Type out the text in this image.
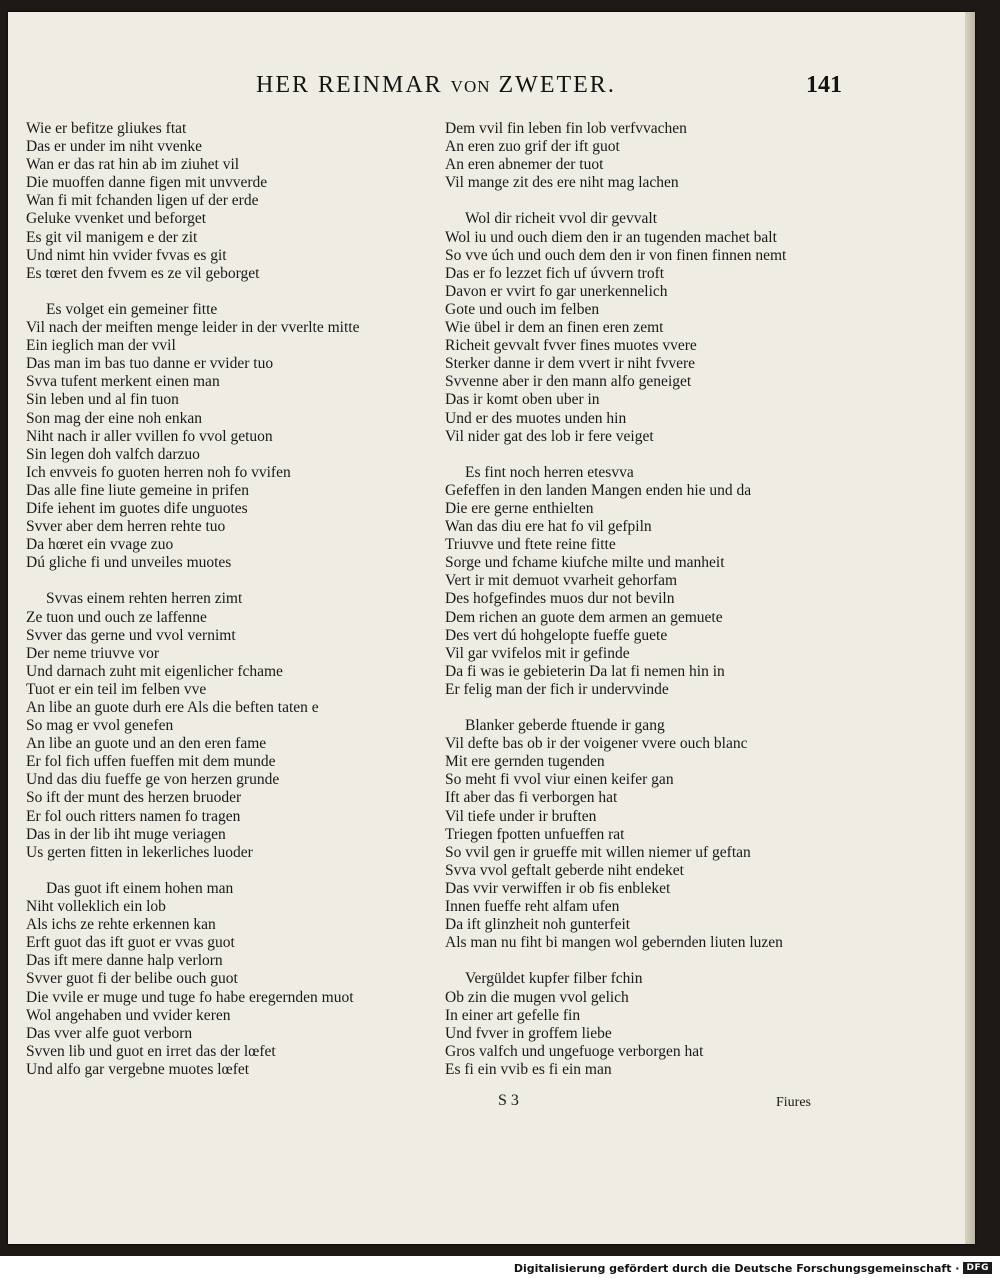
HER REINMAR VON ZWETER.	141
Wie er befitze gliukes ftat
Das er under im niht vvenke
Wan er das rat hin ab im ziuhet vil
Die muoffen danne figen mit unvverde
Wan fi mit fchanden ligen uf der erde
Geluke vvenket und beforget
Es git vil manigem e der zit
Und nimt hin vvider fvvas es git
Es tœret den fvvem es ze vil geborget
Es volget ein gemeiner fitte
Vil nach der meiften menge leider in der vverlte mitte
Ein ieglich man der vvil
Das man im bas tuo danne er vvider tuo
Svva tufent merkent einen man
Sin leben und al fin tuon
Son mag der eine noh enkan
Niht nach ir aller vvillen fo vvol getuon
Sin legen doh valfch darzuo
Ich envveis fo guoten herren noh fo vvifen
Das alle fine liute gemeine in prifen
Dife iehent im guotes dife unguotes
Svver aber dem herren rehte tuo
Da hœret ein vvage zuo
Dú gliche fi und unveiles muotes
Svvas einem rehten herren zimt
Ze tuon und ouch ze laffenne
Svver das gerne und vvol vernimt
Der neme triuvve vor
Und darnach zuht mit eigenlicher fchame
Tuot er ein teil im felben vve
An libe an guote durh ere Als die beften taten e
So mag er vvol genefen
An libe an guote und an den eren fame
Er fol fich uffen fueffen mit dem munde
Und das diu fueffe ge von herzen grunde
So ift der munt des herzen bruoder
Er fol ouch ritters namen fo tragen
Das in der lib iht muge veriagen
Us gerten fitten in lekerliches luoder
Das guot ift einem hohen man
Niht volleklich ein lob
Als ichs ze rehte erkennen kan
Erft guot das ift guot er vvas guot
Das ift mere danne halp verlorn
Svver guot fi der belibe ouch guot
Die vvile er muge und tuge fo habe eregernden muot
Wol angehaben und vvider keren
Das vver alfe guot verborn
Svven lib und guot en irret das der lœfet
Und alfo gar vergebne muotes lœfet
Dem vvil fin leben fin lob verfvvachen
An eren zuo grif der ift guot
An eren abnemer der tuot
Vil mange zit des ere niht mag lachen
Wol dir richeit vvol dir gevvalt
Wol iu und ouch diem den ir an tugenden machet balt
So vve úch und ouch dem den ir von finen finnen nemt
Das er fo lezzet fich uf úvvern troft
Davon er vvirt fo gar unerkennelich
Gote und ouch im felben
Wie übel ir dem an finen eren zemt
Richeit gevvalt fvver fines muotes vvere
Sterker danne ir dem vvert ir niht fvvere
Svvenne aber ir den mann alfo geneiget
Das ir komt oben uber in
Und er des muotes unden hin
Vil nider gat des lob ir fere veiget
Es fint noch herren etesvva
Gefeffen in den landen Mangen enden hie und da
Die ere gerne enthielten
Wan das diu ere hat fo vil gefpiln
Triuvve und ftete reine fitte
Sorge und fchame kiufche milte und manheit
Vert ir mit demuot vvarheit gehorfam
Des hofgefindes muos dur not beviln
Dem richen an guote dem armen an gemuete
Des vert dú hohgelopte fueffe guete
Vil gar vvifelos mit ir gefinde
Da fi was ie gebieterin Da lat fi nemen hin in
Er felig man der fich ir undervvinde
Blanker geberde ftuende ir gang
Vil defte bas ob ir der voigener vvere ouch blanc
Mit ere gernden tugenden
So meht fi vvol viur einen keifer gan
Ift aber das fi verborgen hat
Vil tiefe under ir bruften
Triegen fpotten unfueffen rat
So vvil gen ir grueffe mit willen niemer uf geftan
Svva vvol geftalt geberde niht endeket
Das vvir verwiffen ir ob fis enbleket
Innen fueffe reht alfam ufen
Da ift glinzheit noh gunterfeit
Als man nu fiht bi mangen wol gebernden liuten luzen
Vergüldet kupfer filber fchin
Ob zin die mugen vvol gelich
In einer art gefelle fin
Und fvver in groffem liebe
Gros valfch und ungefuoge verborgen hat
Es fi ein vvib es fi ein man
S 3	Fiures
Digitalisierung gefördert durch die Deutsche Forschungsgemeinschaft · DFG
